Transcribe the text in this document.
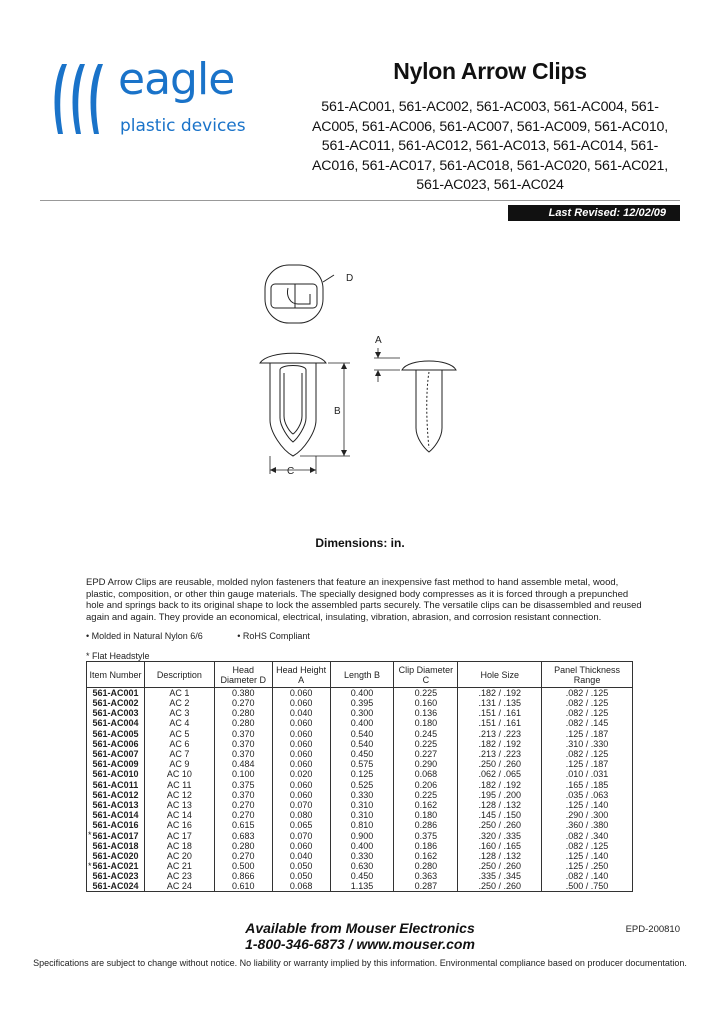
eagle
plastic devices
Nylon Arrow Clips
561-AC001, 561-AC002, 561-AC003, 561-AC004, 561-AC005, 561-AC006, 561-AC007, 561-AC009, 561-AC010, 561-AC011, 561-AC012, 561-AC013, 561-AC014, 561-AC016, 561-AC017, 561-AC018, 561-AC020, 561-AC021, 561-AC023, 561-AC024
Last Revised: 12/02/09
D
A
B
C
Dimensions: in.
EPD Arrow Clips are reusable, molded nylon fasteners that feature an inexpensive fast method to hand assemble metal, wood, plastic, composition, or other thin gauge materials. The specially designed body compresses as it is forced through a prepunched hole and springs back to its original shape to lock the assembled parts securely. The versatile clips can be disassembled and reused again and again. They provide an economical, electrical, insulating, vibration, abrasion, and corrosion resistant connection.
• Molded in Natural Nylon 6/6	• RoHS Compliant
* Flat Headstyle
Item Number	Description	Head Diameter D	Head Height A	Length B	Clip Diameter C	Hole Size	Panel Thickness Range
561-AC001	AC 1	0.380	0.060	0.400	0.225	.182 / .192	.082 / .125
561-AC002	AC 2	0.270	0.060	0.395	0.160	.131 / .135	.082 / .125
561-AC003	AC 3	0.280	0.040	0.300	0.136	.151 / .161	.082 / .125
561-AC004	AC 4	0.280	0.060	0.400	0.180	.151 / .161	.082 / .145
561-AC005	AC 5	0.370	0.060	0.540	0.245	.213 / .223	.125 / .187
561-AC006	AC 6	0.370	0.060	0.540	0.225	.182 / .192	.310 / .330
561-AC007	AC 7	0.370	0.060	0.450	0.227	.213 / .223	.082 / .125
561-AC009	AC 9	0.484	0.060	0.575	0.290	.250 / .260	.125 / .187
561-AC010	AC 10	0.100	0.020	0.125	0.068	.062 / .065	.010 / .031
561-AC011	AC 11	0.375	0.060	0.525	0.206	.182 / .192	.165 / .185
561-AC012	AC 12	0.370	0.060	0.330	0.225	.195 / .200	.035 / .063
561-AC013	AC 13	0.270	0.070	0.310	0.162	.128 / .132	.125 / .140
561-AC014	AC 14	0.270	0.080	0.310	0.180	.145 / .150	.290 / .300
561-AC016	AC 16	0.615	0.065	0.810	0.286	.250 / .260	.360 / .380

* 561-AC017	AC 17	0.683	0.070	0.900	0.375	.320 / .335	.082 / .340
561-AC018	AC 18	0.280	0.060	0.400	0.186	.160 / .165	.082 / .125
561-AC020	AC 20	0.270	0.040	0.330	0.162	.128 / .132	.125 / .140

* 561-AC021	AC 21	0.500	0.050	0.630	0.280	.250 / .260	.125 / .250
561-AC023	AC 23	0.866	0.050	0.450	0.363	.335 / .345	.082 / .140
561-AC024	AC 24	0.610	0.068	1.135	0.287	.250 / .260	.500 / .750
Available from Mouser Electronics
1-800-346-6873 / www.mouser.com
EPD-200810
Specifications are subject to change without notice. No liability or warranty implied by this information. Environmental compliance based on producer documentation.
